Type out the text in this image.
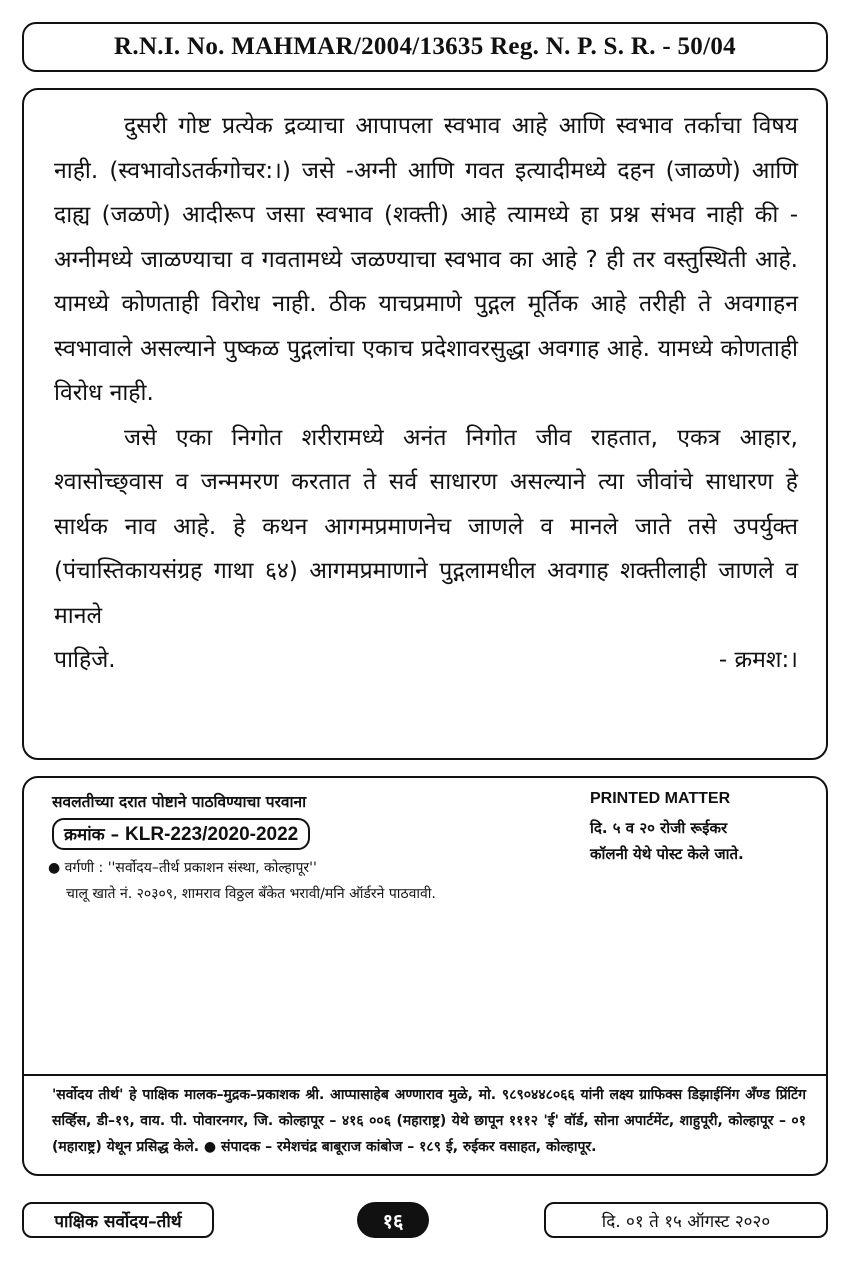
R.N.I. No. MAHMAR/2004/13635 Reg. N. P. S. R. - 50/04

दुसरी गोष्ट प्रत्येक द्रव्याचा आपापला स्वभाव आहे आणि स्वभाव तर्काचा विषय नाही. (स्वभावोऽतर्कगोचर:।) जसे -अग्नी आणि गवत इत्यादीमध्ये दहन (जाळणे) आणि दाह्य (जळणे) आदीरूप जसा स्वभाव (शक्ती) आहे त्यामध्ये हा प्रश्न संभव नाही की - अग्नीमध्ये जाळण्याचा व गवतामध्ये जळण्याचा स्वभाव का आहे ? ही तर वस्तुस्थिती आहे. यामध्ये कोणताही विरोध नाही. ठीक याचप्रमाणे पुद्गल मूर्तिक आहे तरीही ते अवगाहन स्वभावाले असल्याने पुष्कळ पुद्गलांचा एकाच प्रदेशावरसुद्धा अवगाह आहे. यामध्ये कोणताही विरोध नाही.

जसे एका निगोत शरीरामध्ये अनंत निगोत जीव राहतात, एकत्र आहार, श्वासोच्छ्‌वास व जन्ममरण करतात ते सर्व साधारण असल्याने त्या जीवांचे साधारण हे सार्थक नाव आहे. हे कथन आगमप्रमाणनेच जाणले व मानले जाते तसे उपर्युक्त (पंचास्तिकायसंग्रह गाथा ६४) आगमप्रमाणाने पुद्गलामधील अवगाह शक्तीलाही जाणले व मानले

पाहिजे.	- क्रमश:।
सवलतीच्या दरात पोष्टाने पाठविण्याचा परवाना
क्रमांक – KLR-223/2020-2022
● वर्गणी : ''सर्वोदय–तीर्थ प्रकाशन संस्था, कोल्हापूर''
चालू खाते नं. २०३०९, शामराव विठ्ठल बँकेत भरावी/मनि ऑर्डरने पाठवावी.
PRINTED MATTER
दि. ५ व २० रोजी रूईकर
कॉलनी येथे पोस्ट केले जाते.

'सर्वोदय तीर्थ' हे पाक्षिक मालक–मुद्रक–प्रकाशक श्री. आप्पासाहेब अण्णाराव मुळे, मो. ९८९०४४८०६६ यांनी लक्ष्य ग्राफिक्स डिझाईनिंग अँण्ड प्रिंटिंग सर्व्हिस, डी–१९, वाय. पी. पोवारनगर, जि. कोल्हापूर – ४१६ ००६ (महाराष्ट्र) येथे छापून १११२ 'ई' वॉर्ड, सोना अपार्टमेंट, शाहुपूरी, कोल्हापूर – ०१ (महाराष्ट्र) येथून प्रसिद्ध केले. ● संपादक – रमेशचंद्र बाबूराज कांबोज – १८९ ई, रुईकर वसाहत, कोल्हापूर.

पाक्षिक सर्वोदय–तीर्थ	१६	दि. ०१ ते १५ ऑगस्ट २०२०
